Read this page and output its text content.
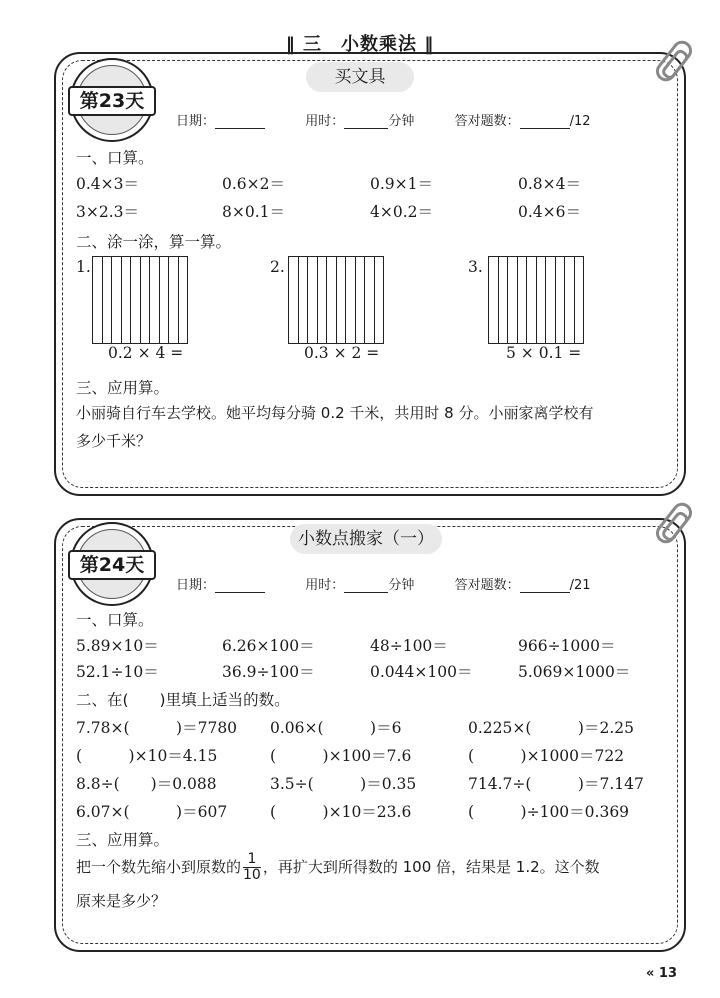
‖ 三　小数乘法 ‖
第23天
买文具
日期：	用时：	分钟	答对题数：	/12
一、口算。
0.4×3＝	0.6×2＝	0.9×1＝	0.8×4＝
3×2.3＝	8×0.1＝	4×0.2＝	0.4×6＝
二、涂一涂，算一算。
1.
0.2 × 4 =
2.
0.3 × 2 =
3.
5 × 0.1 =
三、应用算。
小丽骑自行车去学校。她平均每分骑 0.2 千米，共用时 8 分。小丽家离学校有
多少千米？
第24天
小数点搬家（一）
日期：	用时：	分钟	答对题数：	/21
一、口算。
5.89×10＝	6.26×100＝	48÷100＝	966÷1000＝
52.1÷10＝	36.9÷100＝	0.044×100＝	5.069×1000＝
二、在(　　)里填上适当的数。
7.78×(　　　)＝7780 0.06×(　　　)＝6	0.225×(　　　)＝2.25
(　　　)×10＝4.15	(　　　)×100＝7.6	(　　　)×1000＝722
8.8÷(　　)＝0.088	3.5÷(　　　)＝0.35	714.7÷(　　　)＝7.147
6.07×(　　　)＝607	(　　　)×10＝23.6	(　　　)÷100＝0.369
三、应用算。
把一个数先缩小到原数的 $\frac{1}{10}$ ，再扩大到所得数的 100 倍，结果是 1.2。这个数
原来是多少？
« 13
